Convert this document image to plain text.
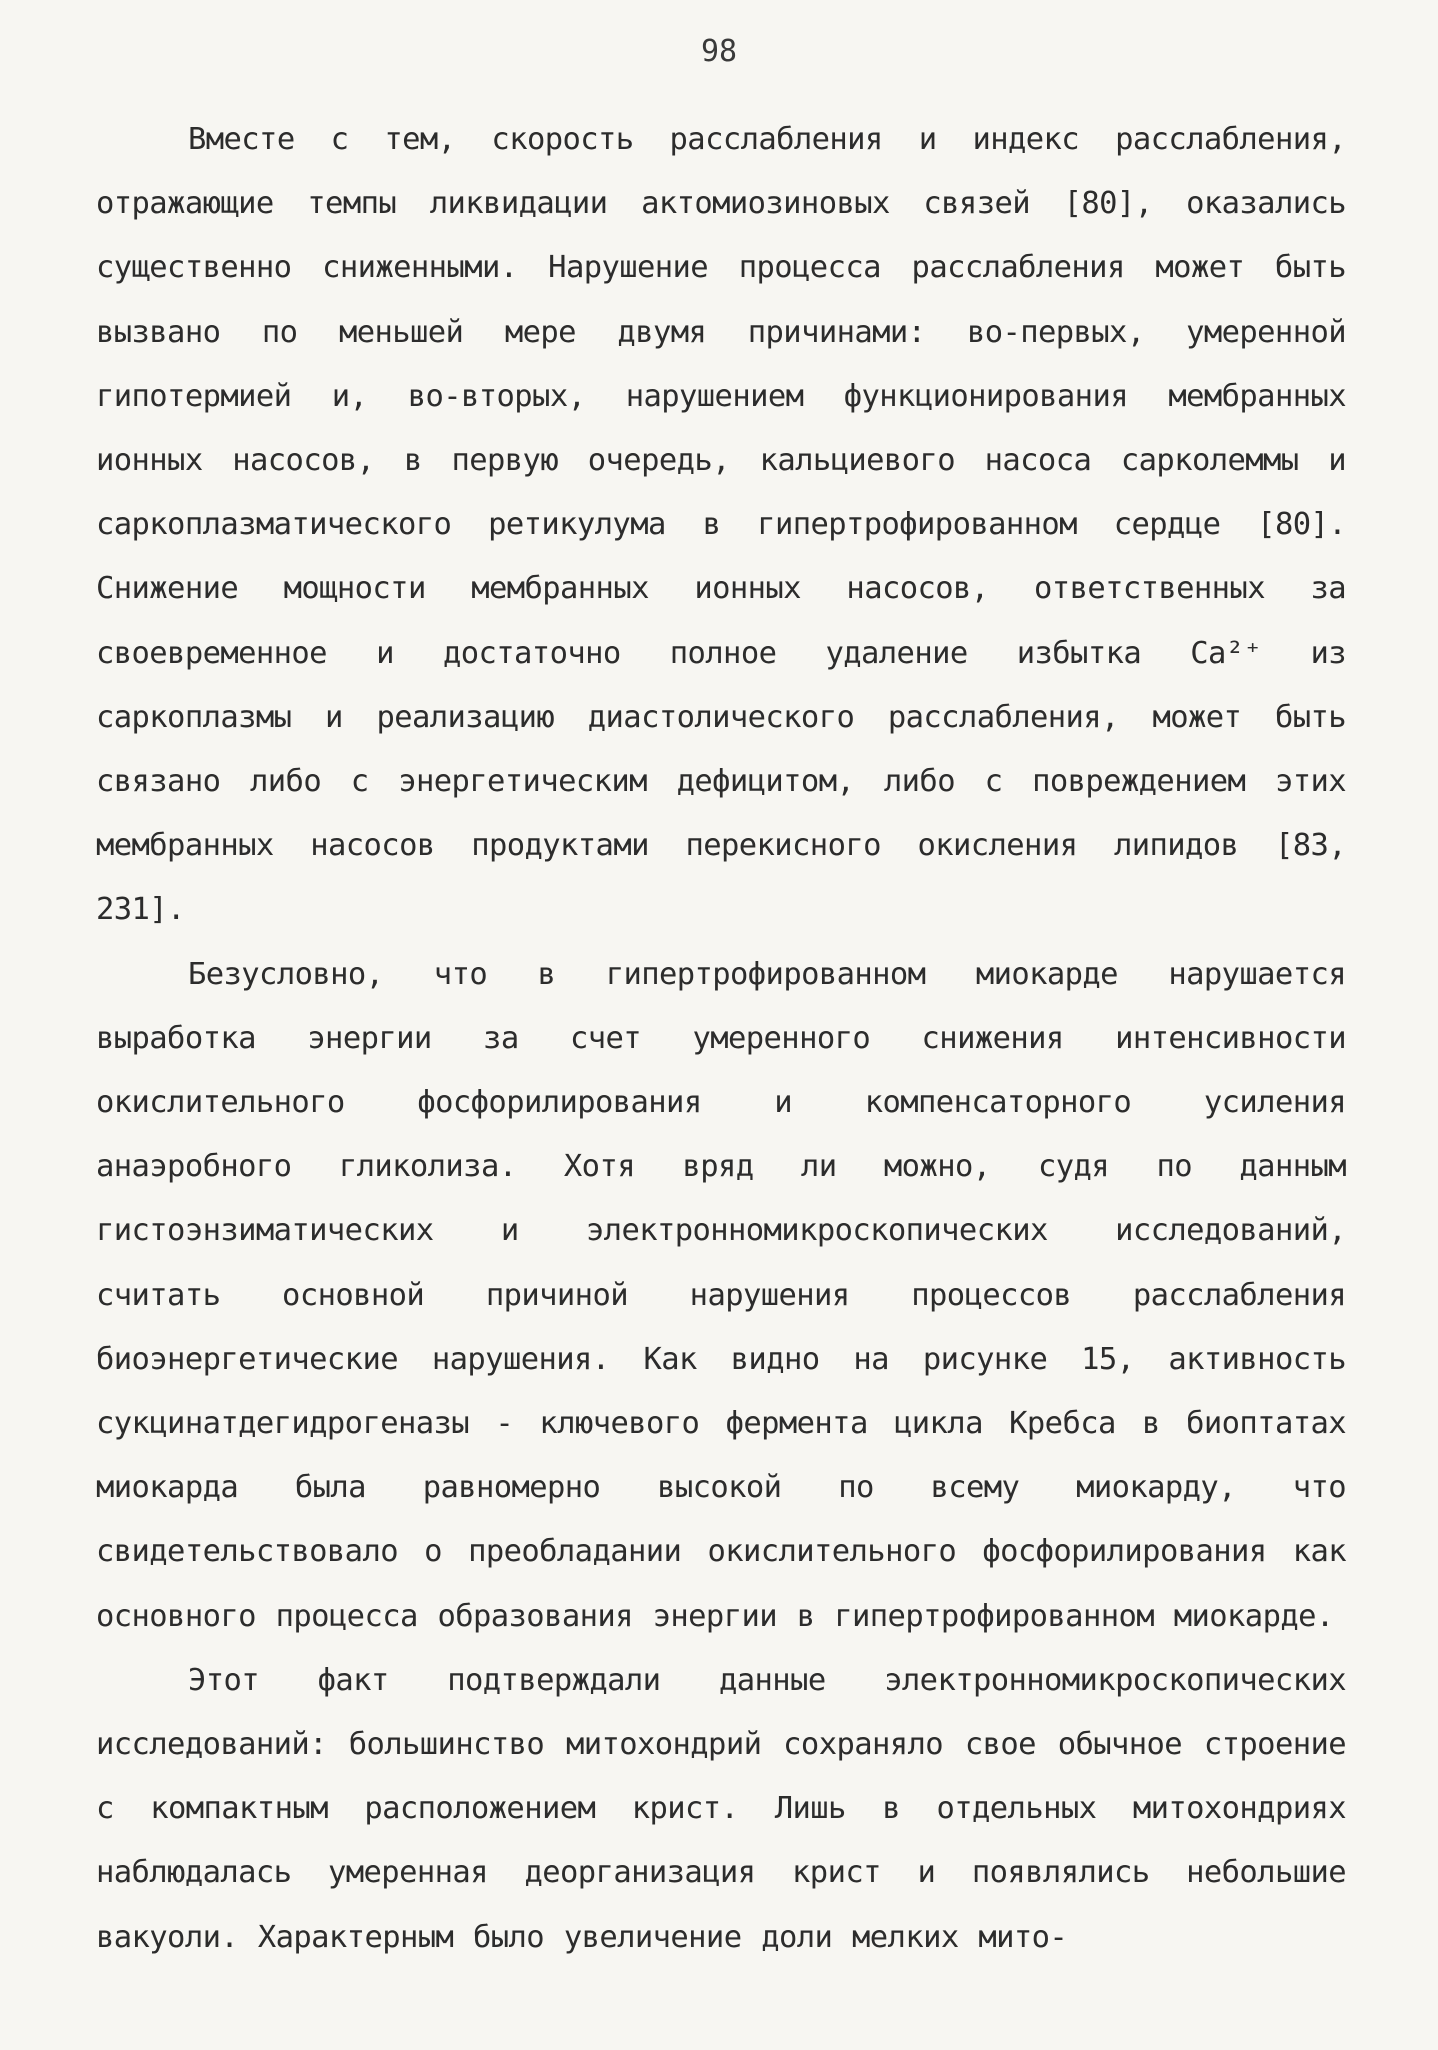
98

Вместе с тем, скорость расслабления и индекс расслабления, отражающие темпы ликвидации актомиозиновых связей [80], оказались существенно сниженными. Нарушение процесса расслабления может быть вызвано по меньшей мере двумя причинами: во-первых, умеренной гипотермией и, во-вторых, нарушением функционирования мембранных ионных насосов, в первую очередь, кальциевого насоса сарколеммы и саркоплазматического ретикулума в гипертрофированном сердце [80]. Снижение мощности мембранных ионных насосов, ответственных за своевременное и достаточно полное удаление избытка Ca²⁺ из саркоплазмы и реализацию диастолического расслабления, может быть связано либо с энергетическим дефицитом, либо с повреждением этих мембранных насосов продуктами перекисного окисления липидов [83, 231].

Безусловно, что в гипертрофированном миокарде нарушается выработка энергии за счет умеренного снижения интенсивности окислительного фосфорилирования и компенсаторного усиления анаэробного гликолиза. Хотя вряд ли можно, судя по данным гистоэнзиматических и электронномикроскопических исследований, считать основной причиной нарушения процессов расслабления биоэнергетические нарушения. Как видно на рисунке 15, активность сукцинатдегидрогеназы - ключевого фермента цикла Кребса в биоптатах миокарда была равномерно высокой по всему миокарду, что свидетельствовало о преобладании окислительного фосфорилирования как основного процесса образования энергии в гипертрофированном миокарде.

Этот факт подтверждали данные электронномикроскопических исследований: большинство митохондрий сохраняло свое обычное строение с компактным расположением крист. Лишь в отдельных митохондриях наблюдалась умеренная деорганизация крист и появлялись небольшие вакуоли. Характерным было увеличение доли мелких мито-
